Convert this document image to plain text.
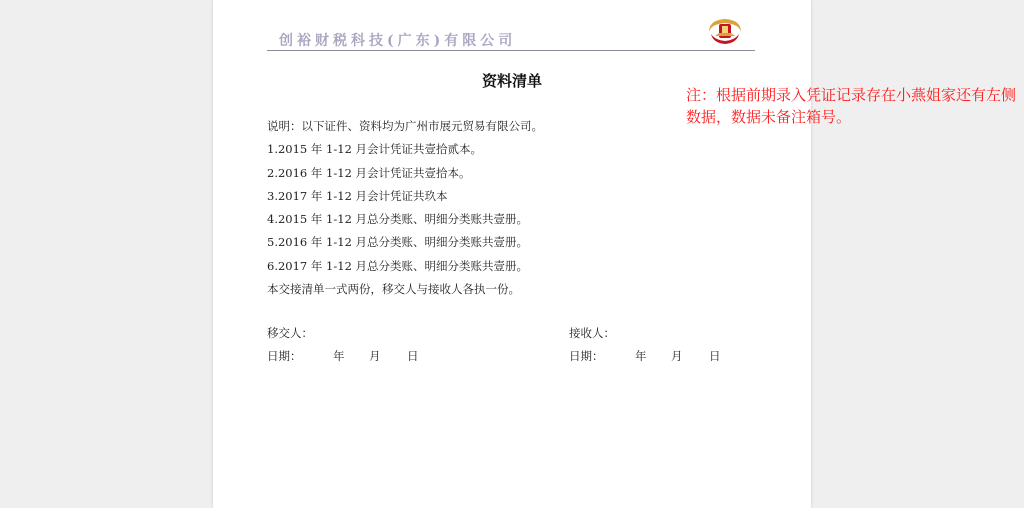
创裕财税科技(广东)有限公司
资料清单
说明：以下证件、资料均为广州市展元贸易有限公司。
1.2015 年 1-12 月会计凭证共壹拾贰本。
2.2016 年 1-12 月会计凭证共壹拾本。
3.2017 年 1-12 月会计凭证共玖本
4.2015 年 1-12 月总分类账、明细分类账共壹册。
5.2016 年 1-12 月总分类账、明细分类账共壹册。
6.2017 年 1-12 月总分类账、明细分类账共壹册。
本交接清单一式两份，移交人与接收人各执一份。
移交人：	接收人：
日期：	年 月 日	日期：	年 月 日
注：根据前期录入凭证记录存在小燕姐家还有左侧数据，数据未备注箱号。
